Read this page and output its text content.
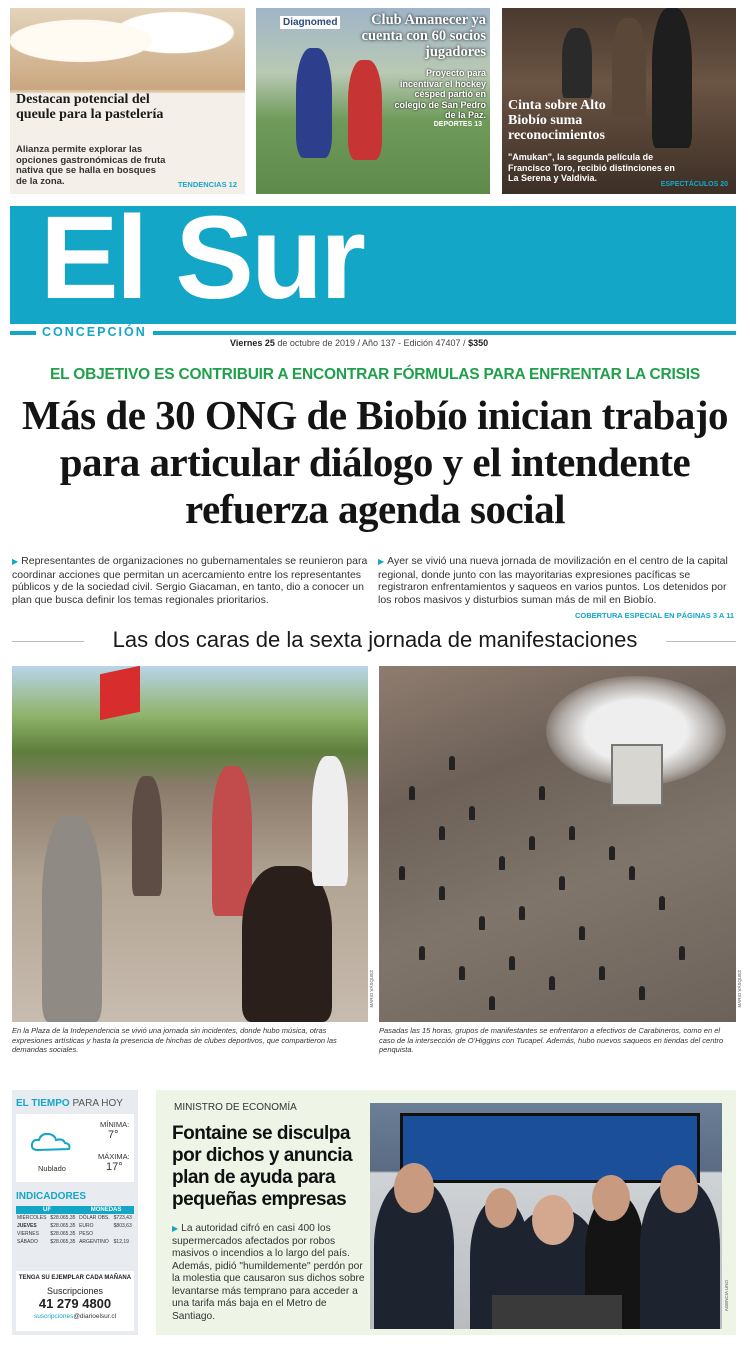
Destacan potencial del queule para la pastelería
Alianza permite explorar las opciones gastronómicas de fruta nativa que se halla en bosques de la zona.	TENDENCIAS 12
Diagnomed	Club Amanecer ya cuenta con 60 socios jugadores
Proyecto para incentivar el hockey césped partió en colegio de San Pedro de la Paz.
DEPORTES 13
Cinta sobre Alto Biobío suma reconocimientos
"Amukan", la segunda película de Francisco Toro, recibió distinciones en La Serena y Valdivia.
ESPECTÁCULOS 20
El Sur
CONCEPCIÓN
Viernes 25 de octubre de 2019 / Año 137 - Edición 47407 / $350
EL OBJETIVO ES CONTRIBUIR A ENCONTRAR FÓRMULAS PARA ENFRENTAR LA CRISIS
Más de 30 ONG de Biobío inician trabajo para articular diálogo y el intendente refuerza agenda social
▶ Representantes de organizaciones no gubernamentales se reunieron para coordinar acciones que permitan un acercamiento entre los representantes públicos y de la sociedad civil. Sergio Giacaman, en tanto, dio a conocer un plan que busca definir los temas regionales prioritarios.
▶ Ayer se vivió una nueva jornada de movilización en el centro de la capital regional, donde junto con las mayoritarias expresiones pacíficas se registraron enfrentamientos y saqueos en varios puntos. Los detenidos por los robos masivos y disturbios suman más de mil en Biobío.
COBERTURA ESPECIAL EN PÁGINAS 3 A 11
Las dos caras de la sexta jornada de manifestaciones
MARIO VÁSQUEZ	MARIO VÁSQUEZ
En la Plaza de la Independencia se vivió una jornada sin incidentes, donde hubo música, otras expresiones artísticas y hasta la presencia de hinchas de clubes deportivos, que compartieron las demandas sociales.
Pasadas las 15 horas, grupos de manifestantes se enfrentaron a efectivos de Carabineros, como en el caso de la intersección de O'Higgins con Tucapel. Además, hubo nuevos saqueos en tiendas del centro penquista.
EL TIEMPO PARA HOY
Nublado
MÍNIMA:
7°
MÁXIMA:
17°
INDICADORES
UF		MONEDAS	
MIÉRCOLES	$28.065,35	DÓLAR OBS.	$723,43
JUEVES	$28.065,35	EURO	$803,63
VIERNES	$28.065,35	PESO	
SÁBADO	$28.065,35	ARGENTINO	$12,19
TENGA SU EJEMPLAR CADA MAÑANA
Suscripciones
41 279 4800
suscripciones@diarioelsur.cl
MINISTRO DE ECONOMÍA
Fontaine se disculpa por dichos y anuncia plan de ayuda para pequeñas empresas
▶ La autoridad cifró en casi 400 los supermercados afectados por robos masivos o incendios a lo largo del país. Además, pidió "humildemente" perdón por la molestia que causaron sus dichos sobre levantarse más temprano para acceder a una tarifa más baja en el Metro de Santiago.
AGENCIA UNO
